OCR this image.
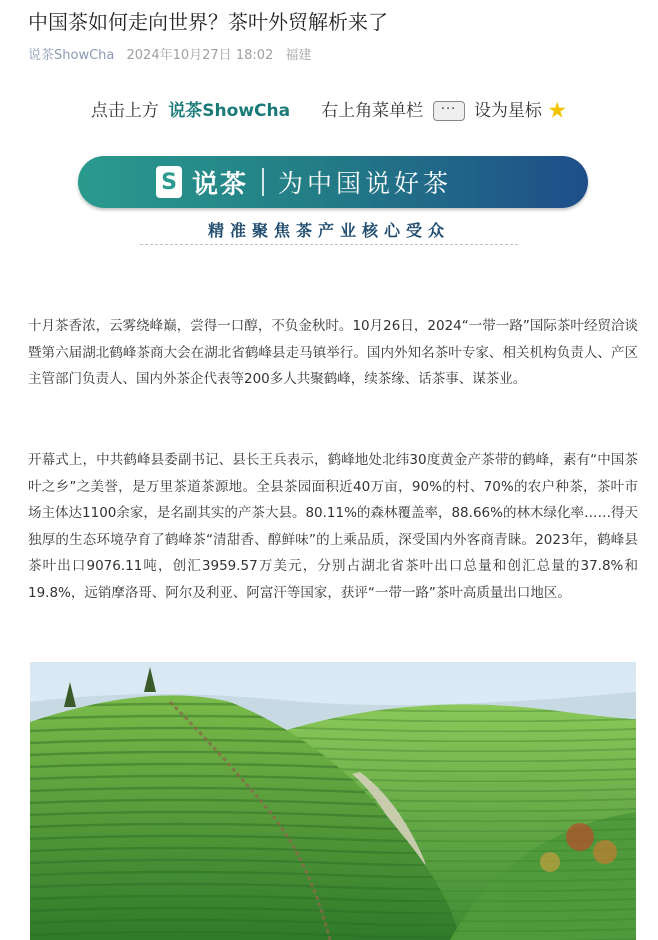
中国茶如何走向世界？茶叶外贸解析来了
说茶ShowCha 2024年10月27日 18:02 福建
点击上方 说茶ShowCha 右上角菜单栏 ··· 设为星标 ★
S 说茶 为中国说好茶
精准聚焦茶产业核心受众

十月茶香浓，云雾绕峰巅，尝得一口醇，不负金秋时。10月26日，2024“一带一路”国际茶叶经贸洽谈暨第六届湖北鹤峰茶商大会在湖北省鹤峰县走马镇举行。国内外知名茶叶专家、相关机构负责人、产区主管部门负责人、国内外茶企代表等200多人共聚鹤峰，续茶缘、话茶事、谋茶业。

开幕式上，中共鹤峰县委副书记、县长王兵表示，鹤峰地处北纬30度黄金产茶带的鹤峰，素有“中国茶叶之乡”之美誉，是万里茶道茶源地。全县茶园面积近40万亩，90%的村、70%的农户种茶，茶叶市场主体达1100余家，是名副其实的产茶大县。80.11%的森林覆盖率，88.66%的林木绿化率……得天独厚的生态环境孕育了鹤峰茶“清甜香、醇鲜味”的上乘品质，深受国内外客商青睐。2023年，鹤峰县茶叶出口9076.11吨，创汇3959.57万美元，分别占湖北省茶叶出口总量和创汇总量的37.8%和19.8%，远销摩洛哥、阿尔及利亚、阿富汗等国家，获评“一带一路”茶叶高质量出口地区。
